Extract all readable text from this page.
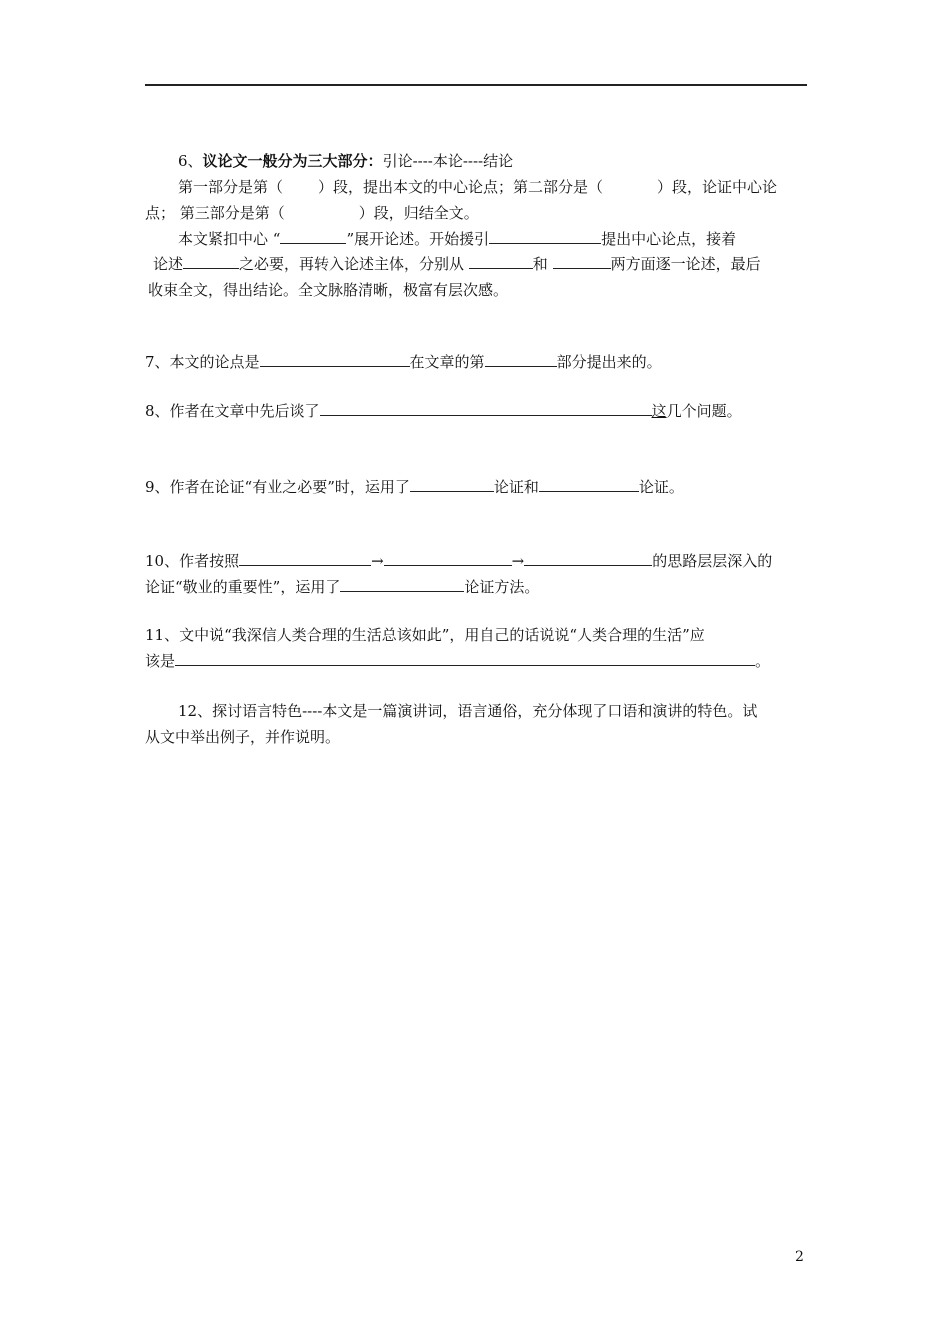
6、议论文一般分为三大部分：引论----本论----结论
第一部分是第（ ）段，提出本文的中心论点；第二部分是（	）段，论证中心论
点； 第三部分是第（	）段，归结全文。
本文紧扣中心 “	”展开论述。开始援引	提出中心论点，接着
论述	之必要，再转入论述主体，分别从	和	两方面逐一论述，最后
收束全文，得出结论。全文脉胳清晰，极富有层次感。
7、本文的论点是	在文章的第	部分提出来的。
8、作者在文章中先后谈了	这几个问题。
9、作者在论证“有业之必要”时，运用了	论证和	论证。
10、作者按照	→	→	的思路层层深入的
论证“敬业的重要性”，运用了	论证方法。
11、文中说“我深信人类合理的生活总该如此”，用自己的话说说“人类合理的生活”应
该是	。
12、探讨语言特色----本文是一篇演讲词，语言通俗，充分体现了口语和演讲的特色。试
从文中举出例子，并作说明。
2
